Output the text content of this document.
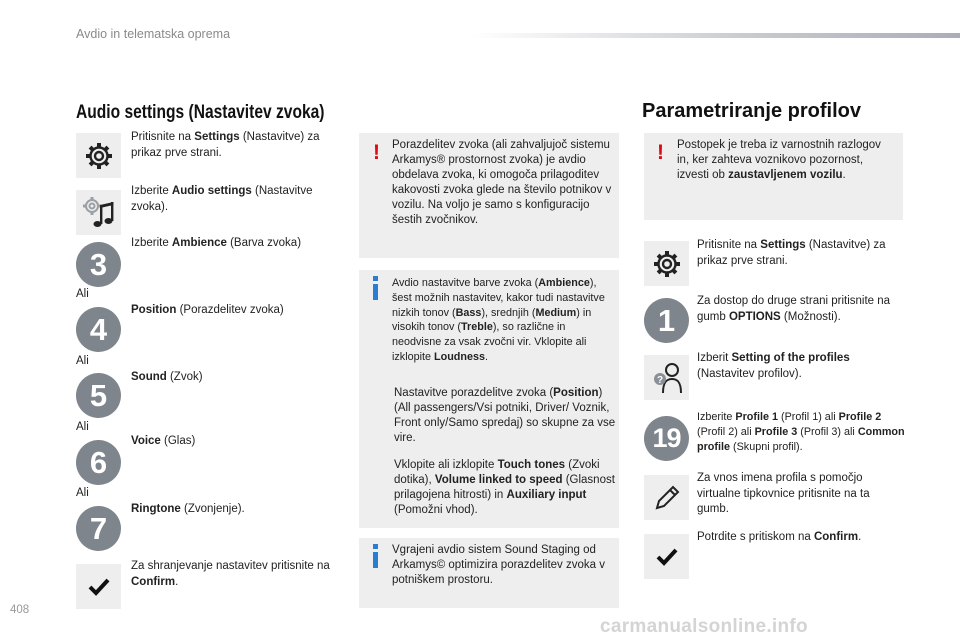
Avdio in telematska oprema
Audio settings (Nastavitev zvoka)
Pritisnite na Settings (Nastavitve) za prikaz prve strani.
Izberite Audio settings (Nastavitve zvoka).
3
Izberite Ambience (Barva zvoka)
Ali
4
Position (Porazdelitev zvoka)
Ali
5
Sound (Zvok)
Ali
6
Voice (Glas)
Ali
7
Ringtone (Zvonjenje).
Za shranjevanje nastavitev pritisnite na Confirm.
! Porazdelitev zvoka (ali zahvaljujoč sistemu Arkamys® prostornost zvoka) je avdio obdelava zvoka, ki omogoča prilagoditev kakovosti zvoka glede na število potnikov v vozilu. Na voljo je samo s konfiguracijo šestih zvočnikov.
Avdio nastavitve barve zvoka (Ambience), šest možnih nastavitev, kakor tudi nastavitve nizkih tonov (Bass), srednjih (Medium) in visokih tonov (Treble), so različne in neodvisne za vsak zvočni vir. Vklopite ali izklopite Loudness.
Nastavitve porazdelitve zvoka (Position) (All passengers/Vsi potniki, Driver/ Voznik, Front only/Samo spredaj) so skupne za vse vire.
Vklopite ali izklopite Touch tones (Zvoki dotika), Volume linked to speed (Glasnost prilagojena hitrosti) in Auxiliary input (Pomožni vhod).
Vgrajeni avdio sistem Sound Staging od Arkamys© optimizira porazdelitev zvoka v potniškem prostoru.
Parametriranje profilov
! Postopek je treba iz varnostnih razlogov in, ker zahteva voznikovo pozornost, izvesti ob zaustavljenem vozilu.
Pritisnite na Settings (Nastavitve) za prikaz prve strani.
1
Za dostop do druge strani pritisnite na gumb OPTIONS (Možnosti).
?
Izberit Setting of the profiles (Nastavitev profilov).
19
Izberite Profile 1 (Profil 1) ali Profile 2 (Profil 2) ali Profile 3 (Profil 3) ali Common profile (Skupni profil).
Za vnos imena profila s pomočjo virtualne tipkovnice pritisnite na ta gumb.
Potrdite s pritiskom na Confirm.
408
carmanualsonline.info
